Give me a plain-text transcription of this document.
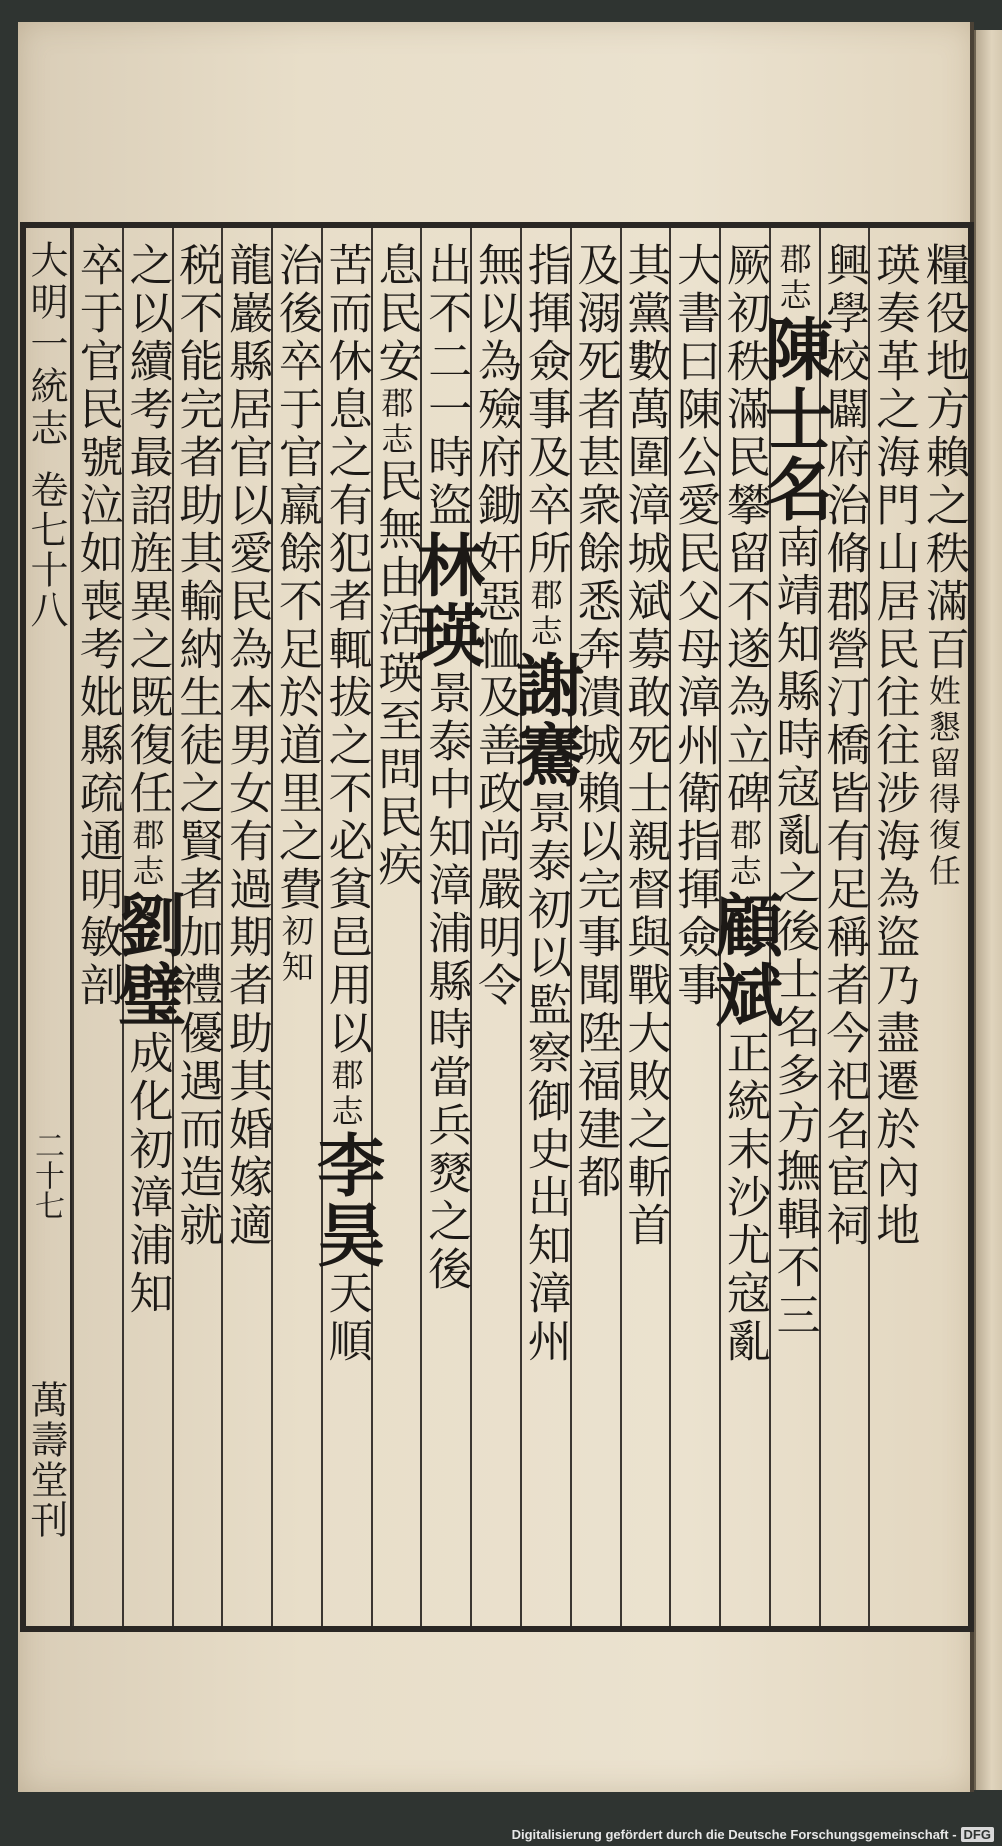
大明一統志
卷七十八
二十七
萬壽堂刊
糧役地方賴之秩滿百姓懇留得復任
瑛奏革之海門山居民往往涉海為盜乃盡遷於內地
興學校闢府治脩郡營汀橋皆有足稱者今祀名宦祠
郡志陳士名南靖知縣時寇亂之後士名多方撫輯不三
厥初秩滿民攀留不遂為立碑郡志顧斌正統末沙尤寇亂
大書曰陳公愛民父母漳州衛指揮僉事
其黨數萬圍漳城斌募敢死士親督與戰大敗之斬首
及溺死者甚衆餘悉奔潰城賴以完事聞陞福建都
指揮僉事及卒所郡志謝騫景泰初以監察御史出知漳州
無以為殮府鋤奸惡恤及善政尚嚴明令
出不二一時盜林瑛景泰中知漳浦縣時當兵燹之後
息民安郡志民無由活瑛至問民疾
苦而休息之有犯者輒拔之不必貧邑用以郡志李昊天順
治後卒于官羸餘不足於道里之費初知
龍巖縣居官以愛民為本男女有過期者助其婚嫁適
税不能完者助其輸納生徒之賢者加禮優遇而造就
之以續考最詔旌異之既復任郡志劉璧成化初漳浦知
卒于官民號泣如喪考妣縣疏通明敏剖
Digitalisierung gefördert durch die Deutsche Forschungsgemeinschaft - DFG
